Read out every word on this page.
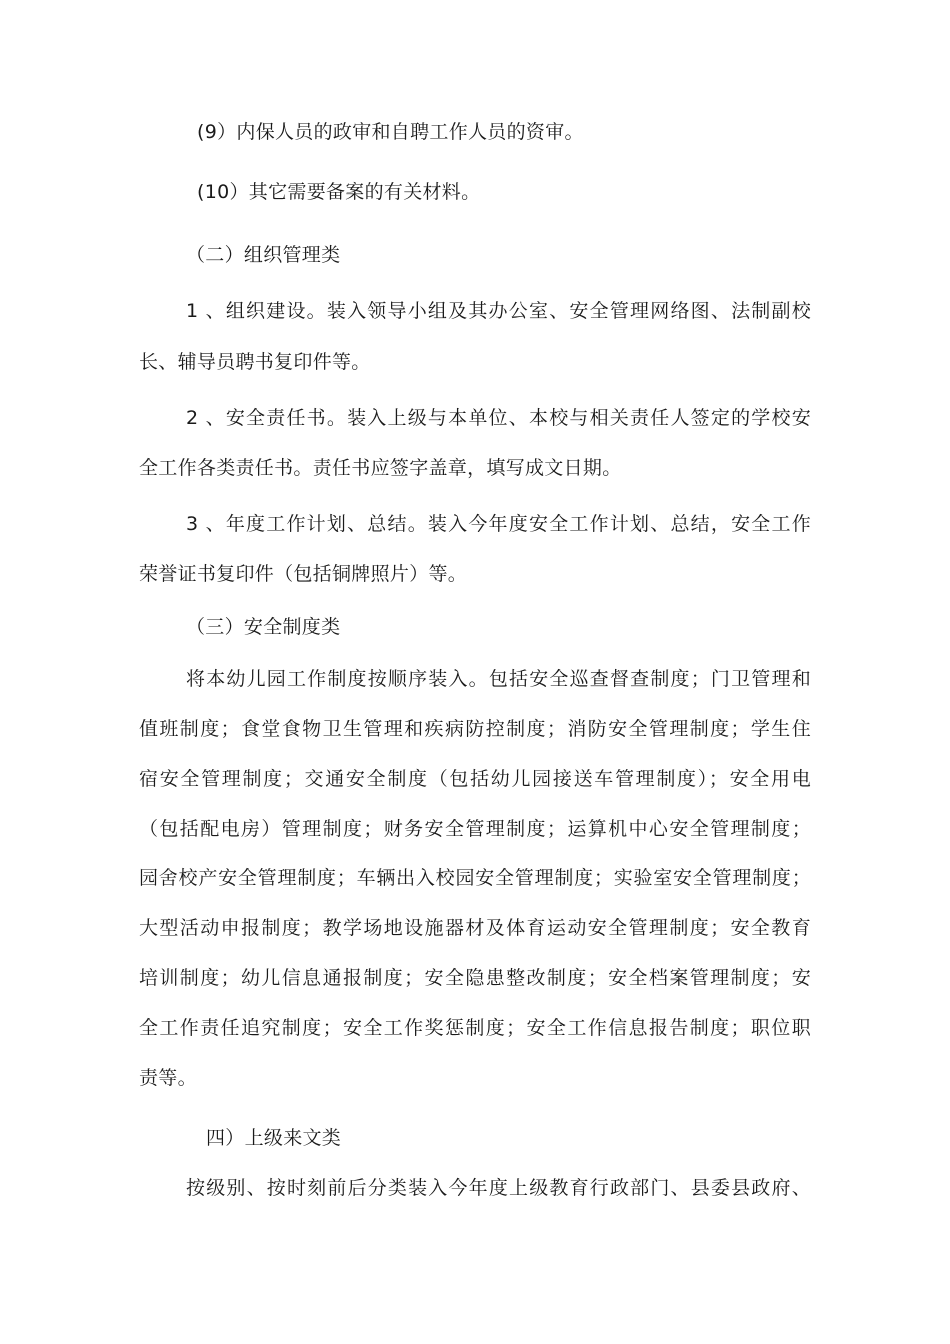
(9）内保人员的政审和自聘工作人员的资审。
(10）其它需要备案的有关材料。
（二）组织管理类
1 、组织建设。装入领导小组及其办公室、安全管理网络图、法制副校
长、辅导员聘书复印件等。
2 、安全责任书。装入上级与本单位、本校与相关责任人签定的学校安
全工作各类责任书。责任书应签字盖章，填写成文日期。
3 、年度工作计划、总结。装入今年度安全工作计划、总结，安全工作
荣誉证书复印件（包括铜牌照片）等。
（三）安全制度类
将本幼儿园工作制度按顺序装入。包括安全巡查督查制度；门卫管理和
值班制度；食堂食物卫生管理和疾病防控制度；消防安全管理制度；学生住
宿安全管理制度；交通安全制度（包括幼儿园接送车管理制度）；安全用电
（包括配电房）管理制度；财务安全管理制度；运算机中心安全管理制度；
园舍校产安全管理制度；车辆出入校园安全管理制度；实验室安全管理制度；
大型活动申报制度；教学场地设施器材及体育运动安全管理制度；安全教育
培训制度；幼儿信息通报制度；安全隐患整改制度；安全档案管理制度；安
全工作责任追究制度；安全工作奖惩制度；安全工作信息报告制度；职位职
责等。
四）上级来文类
按级别、按时刻前后分类装入今年度上级教育行政部门、县委县政府、
